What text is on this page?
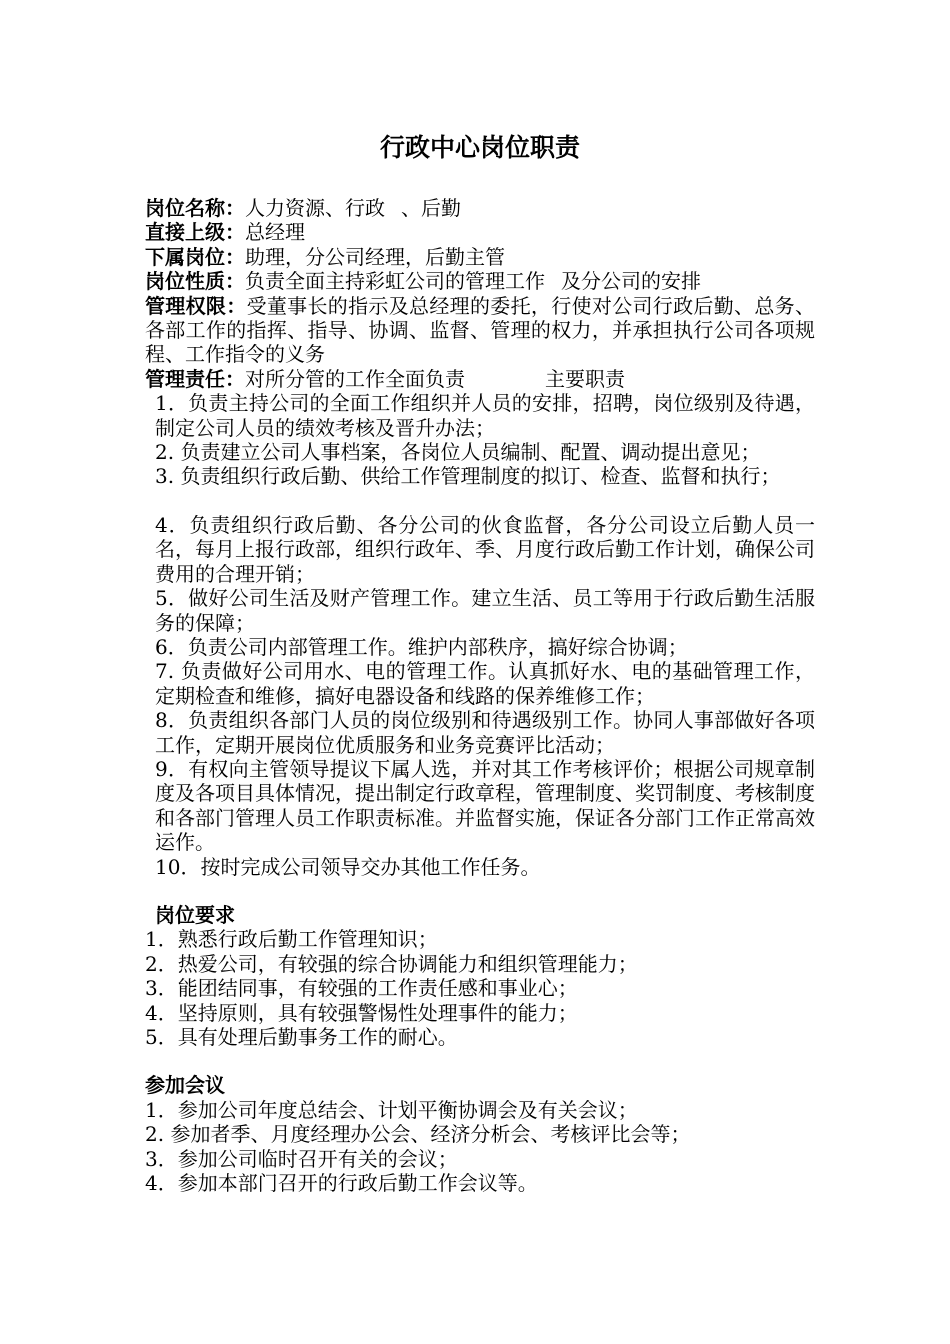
行政中心岗位职责

岗位名称：人力资源、行政 、后勤

直接上级：总经理

下属岗位：助理，分公司经理，后勤主管

岗位性质：负责全面主持彩虹公司的管理工作 及分公司的安排

管理权限：受董事长的指示及总经理的委托，行使对公司行政后勤、总务、各部工作的指挥、指导、协调、监督、管理的权力，并承担执行公司各项规程、工作指令的义务

管理责任：对所分管的工作全面负责	主要职责

1．负责主持公司的全面工作组织并人员的安排，招聘，岗位级别及待遇，制定公司人员的绩效考核及晋升办法；

2. 负责建立公司人事档案，各岗位人员编制、配置、调动提出意见；

3. 负责组织行政后勤、供给工作管理制度的拟订、检查、监督和执行；

4．负责组织行政后勤、各分公司的伙食监督，各分公司设立后勤人员一名，每月上报行政部，组织行政年、季、月度行政后勤工作计划，确保公司费用的合理开销；

5．做好公司生活及财产管理工作。建立生活、员工等用于行政后勤生活服务的保障；

6．负责公司内部管理工作。维护内部秩序，搞好综合协调；

7. 负责做好公司用水、电的管理工作。认真抓好水、电的基础管理工作，定期检查和维修，搞好电器设备和线路的保养维修工作；

8．负责组织各部门人员的岗位级别和待遇级别工作。协同人事部做好各项工作，定期开展岗位优质服务和业务竞赛评比活动；

9．有权向主管领导提议下属人选，并对其工作考核评价；根据公司规章制度及各项目具体情况，提出制定行政章程，管理制度、奖罚制度、考核制度和各部门管理人员工作职责标准。并监督实施，保证各分部门工作正常高效运作。

10．按时完成公司领导交办其他工作任务。

岗位要求

1．熟悉行政后勤工作管理知识；

2．热爱公司，有较强的综合协调能力和组织管理能力；

3．能团结同事，有较强的工作责任感和事业心；

4．坚持原则，具有较强警惕性处理事件的能力；

5．具有处理后勤事务工作的耐心。

参加会议

1．参加公司年度总结会、计划平衡协调会及有关会议；

2. 参加者季、月度经理办公会、经济分析会、考核评比会等；

3．参加公司临时召开有关的会议；

4．参加本部门召开的行政后勤工作会议等。
